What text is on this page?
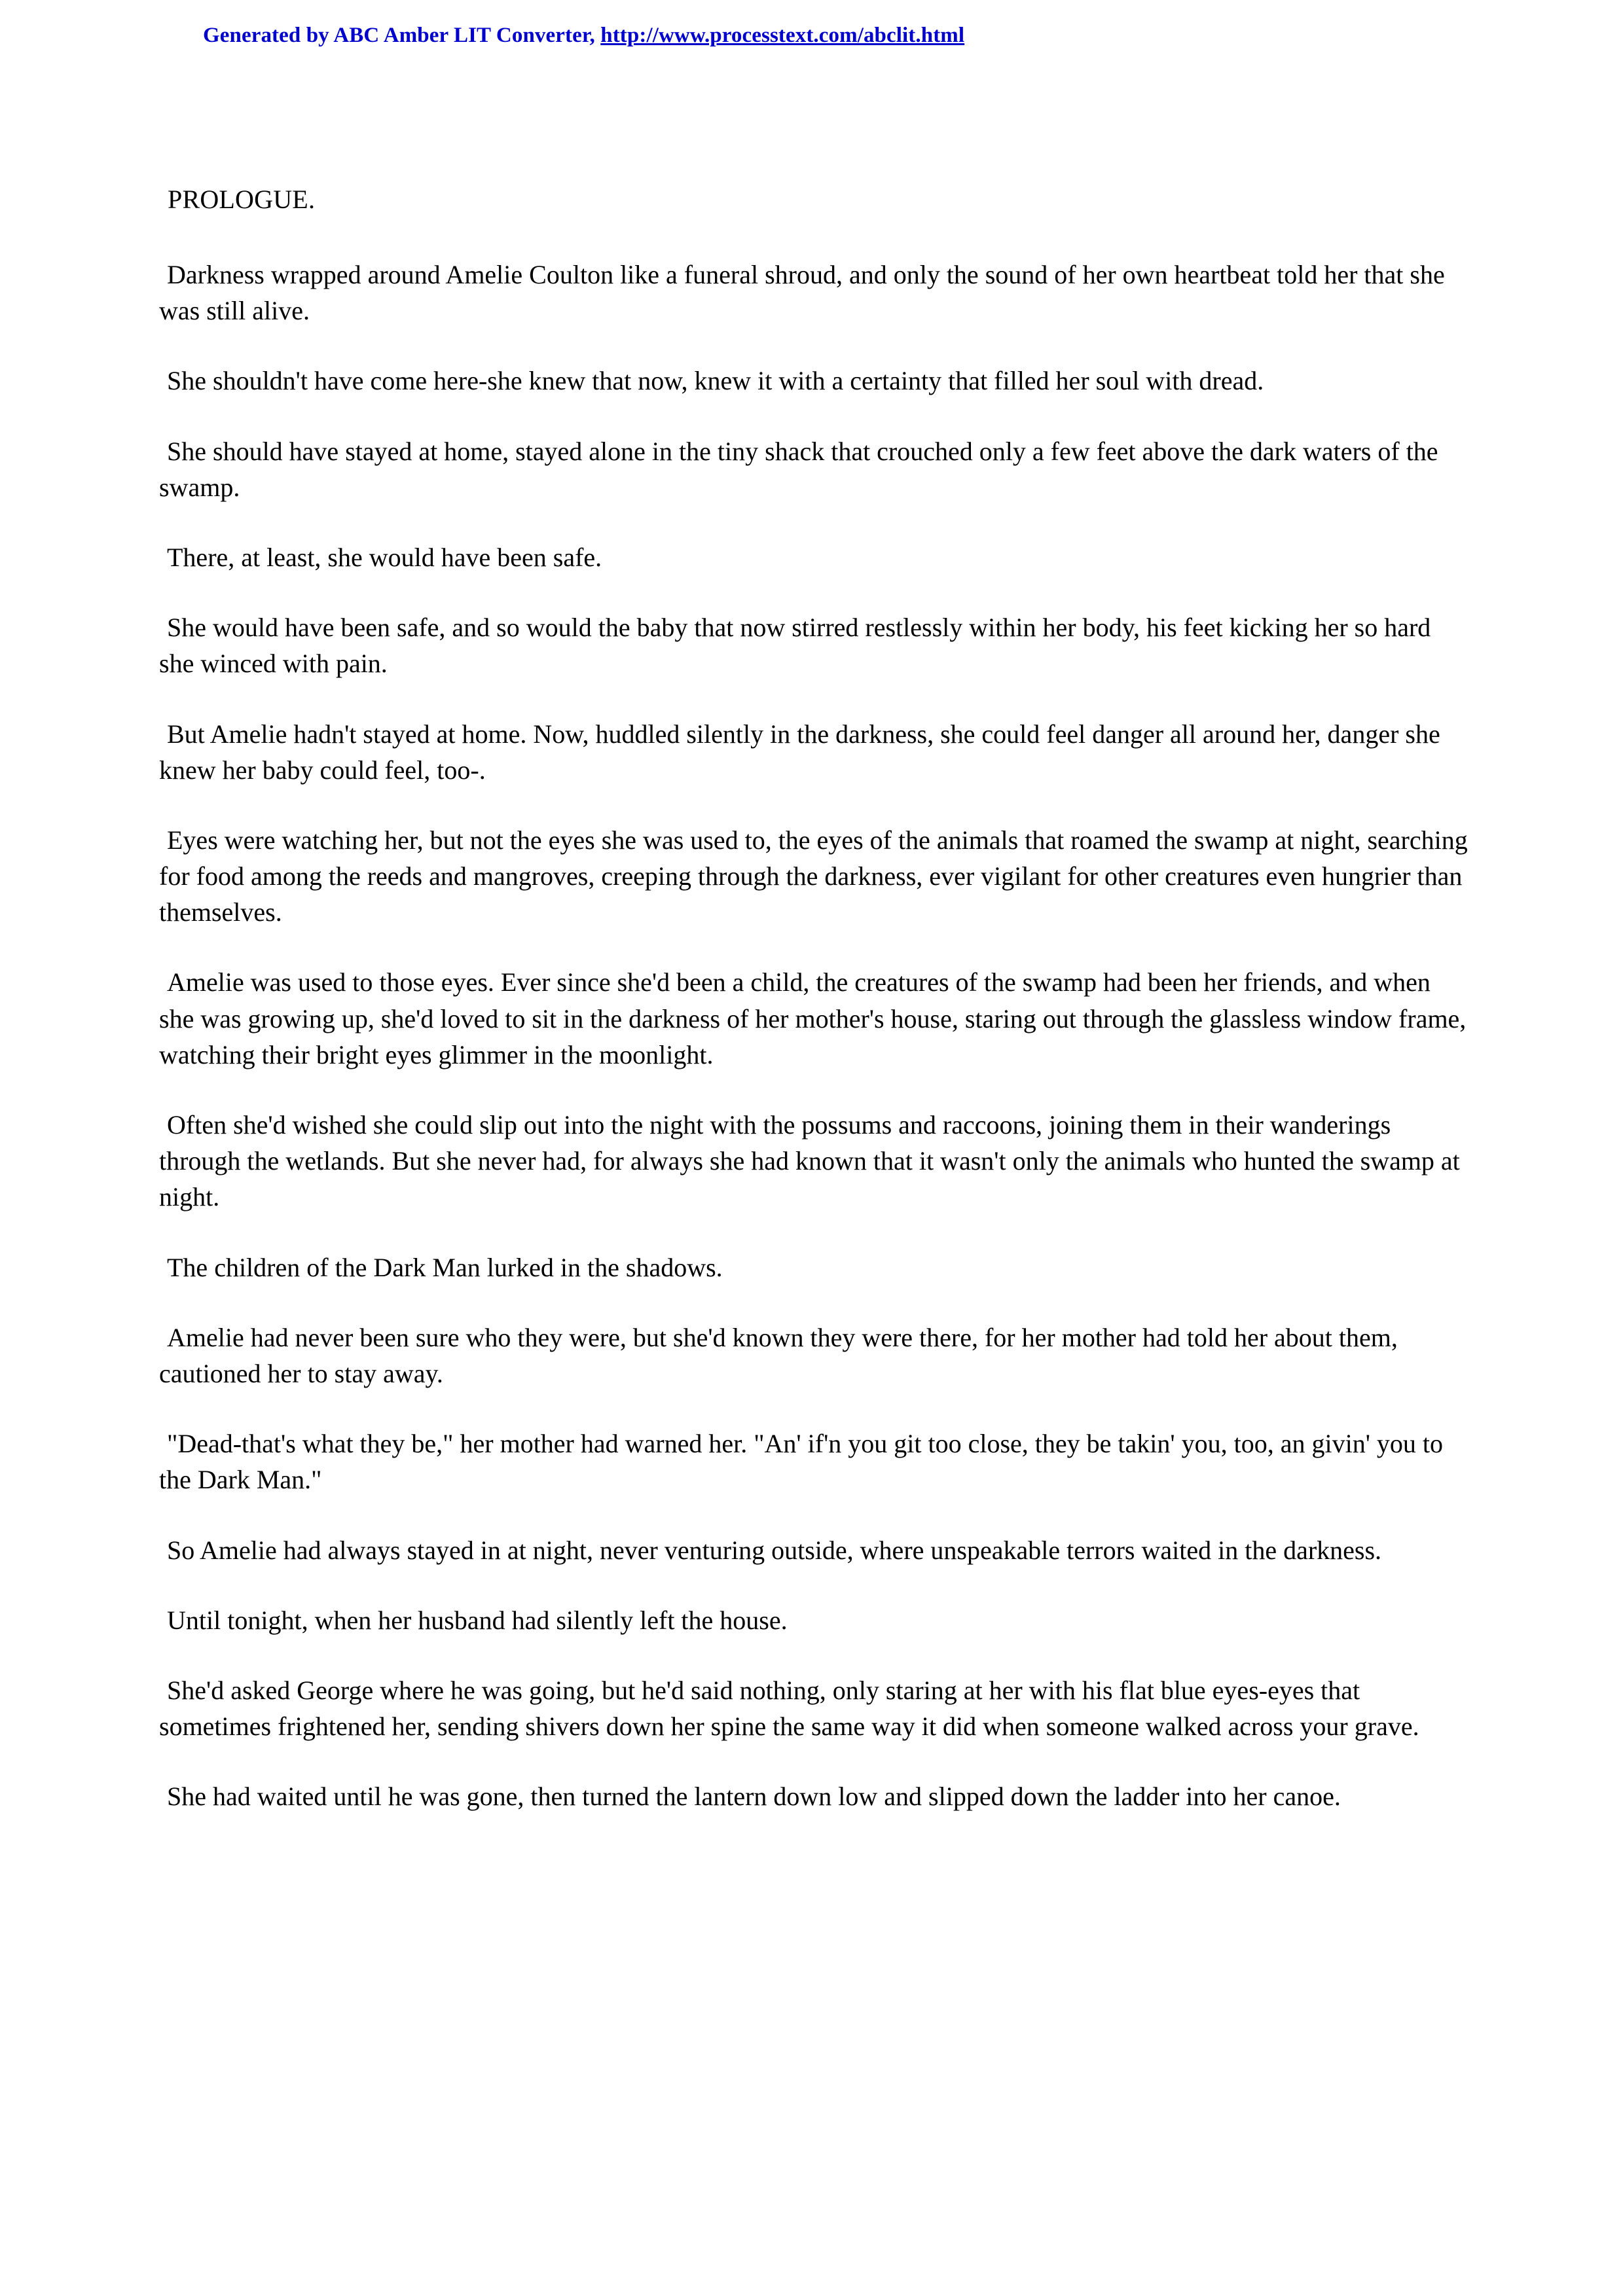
Generated by ABC Amber LIT Converter, http://www.processtext.com/abclit.html
PROLOGUE.

Darkness wrapped around Amelie Coulton like a funeral shroud, and only the sound of her own heartbeat told her that she was still alive.

She shouldn't have come here-she knew that now, knew it with a certainty that filled her soul with dread.

She should have stayed at home, stayed alone in the tiny shack that crouched only a few feet above the dark waters of the swamp.

There, at least, she would have been safe.

She would have been safe, and so would the baby that now stirred restlessly within her body, his feet kicking her so hard she winced with pain.

But Amelie hadn't stayed at home. Now, huddled silently in the darkness, she could feel danger all around her, danger she knew her baby could feel, too-.

Eyes were watching her, but not the eyes she was used to, the eyes of the animals that roamed the swamp at night, searching for food among the reeds and mangroves, creeping through the darkness, ever vigilant for other creatures even hungrier than themselves.

Amelie was used to those eyes. Ever since she'd been a child, the creatures of the swamp had been her friends, and when she was growing up, she'd loved to sit in the darkness of her mother's house, staring out through the glassless window frame, watching their bright eyes glimmer in the moonlight.

Often she'd wished she could slip out into the night with the possums and raccoons, joining them in their wanderings through the wetlands. But she never had, for always she had known that it wasn't only the animals who hunted the swamp at night.

The children of the Dark Man lurked in the shadows.

Amelie had never been sure who they were, but she'd known they were there, for her mother had told her about them, cautioned her to stay away.

"Dead-that's what they be," her mother had warned her. "An' if'n you git too close, they be takin' you, too, an givin' you to the Dark Man."

So Amelie had always stayed in at night, never venturing outside, where unspeakable terrors waited in the darkness.

Until tonight, when her husband had silently left the house.

She'd asked George where he was going, but he'd said nothing, only staring at her with his flat blue eyes-eyes that sometimes frightened her, sending shivers down her spine the same way it did when someone walked across your grave.

She had waited until he was gone, then turned the lantern down low and slipped down the ladder into her canoe.
